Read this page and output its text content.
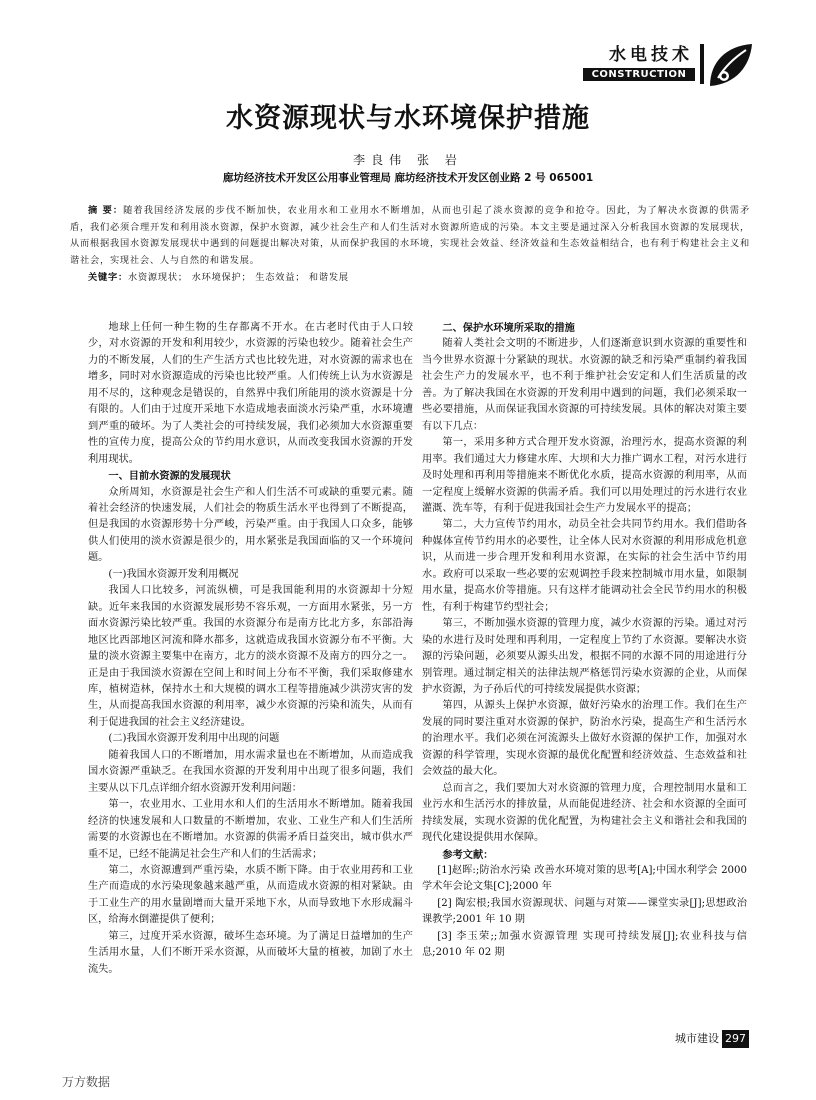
水电技术
CONSTRUCTION
水资源现状与水环境保护措施
李良伟 张 岩
廊坊经济技术开发区公用事业管理局 廊坊经济技术开发区创业路 2 号 065001
摘 要：随着我国经济发展的步伐不断加快，农业用水和工业用水不断增加，从而也引起了淡水资源的竞争和抢夺。因此，为了解决水资源的供需矛盾，我们必须合理开发和利用淡水资源，保护水资源，减少社会生产和人们生活对水资源所造成的污染。本文主要是通过深入分析我国水资源的发展现状，从而根据我国水资源发展现状中遇到的问题提出解决对策，从而保护我国的水环境，实现社会效益、经济效益和生态效益相结合，也有利于构建社会主义和谐社会，实现社会、人与自然的和谐发展。
关键字：水资源现状； 水环境保护； 生态效益； 和谐发展

地球上任何一种生物的生存都离不开水。在古老时代由于人口较少，对水资源的开发和利用较少，水资源的污染也较少。随着社会生产力的不断发展，人们的生产生活方式也比较先进，对水资源的需求也在增多，同时对水资源造成的污染也比较严重。人们传统上认为水资源是用不尽的，这种观念是错误的，自然界中我们所能用的淡水资源是十分有限的。人们由于过度开采地下水造成地表面淡水污染严重，水环境遭到严重的破坏。为了人类社会的可持续发展，我们必须加大水资源重要性的宣传力度，提高公众的节约用水意识，从而改变我国水资源的开发利用现状。

一、目前水资源的发展现状

众所周知，水资源是社会生产和人们生活不可或缺的重要元素。随着社会经济的快速发展，人们社会的物质生活水平也得到了不断提高，但是我国的水资源形势十分严峻，污染严重。由于我国人口众多，能够供人们使用的淡水资源是很少的，用水紧张是我国面临的又一个环境问题。

(一)我国水资源开发利用概况

我国人口比较多，河流纵横，可是我国能利用的水资源却十分短缺。近年来我国的水资源发展形势不容乐观，一方面用水紧张，另一方面水资源污染比较严重。我国的水资源分布是南方比北方多，东部沿海地区比西部地区河流和降水都多，这就造成我国水资源分布不平衡。大量的淡水资源主要集中在南方，北方的淡水资源不及南方的四分之一。正是由于我国淡水资源在空间上和时间上分布不平衡，我们采取修建水库，植树造林，保持水土和大规模的调水工程等措施减少洪涝灾害的发生，从而提高我国水资源的利用率，减少水资源的污染和流失，从而有利于促进我国的社会主义经济建设。

(二)我国水资源开发利用中出现的问题

随着我国人口的不断增加，用水需求量也在不断增加，从而造成我国水资源严重缺乏。在我国水资源的开发利用中出现了很多问题，我们主要从以下几点详细介绍水资源开发利用问题：

第一，农业用水、工业用水和人们的生活用水不断增加。随着我国经济的快速发展和人口数量的不断增加，农业、工业生产和人们生活所需要的水资源也在不断增加。水资源的供需矛盾日益突出，城市供水严重不足，已经不能满足社会生产和人们的生活需求；

第二，水资源遭到严重污染，水质不断下降。由于农业用药和工业生产而造成的水污染现象越来越严重，从而造成水资源的相对紧缺。由于工业生产的用水量剧增而大量开采地下水，从而导致地下水形成漏斗区，给海水倒灌提供了便利；

第三，过度开采水资源，破坏生态环境。为了满足日益增加的生产生活用水量，人们不断开采水资源，从而破坏大量的植被，加剧了水土流失。

二、保护水环境所采取的措施

随着人类社会文明的不断进步，人们逐渐意识到水资源的重要性和当今世界水资源十分紧缺的现状。水资源的缺乏和污染严重制约着我国社会生产力的发展水平，也不利于维护社会安定和人们生活质量的改善。为了解决我国在水资源的开发利用中遇到的问题，我们必须采取一些必要措施，从而保证我国水资源的可持续发展。具体的解决对策主要有以下几点：

第一，采用多种方式合理开发水资源，治理污水，提高水资源的利用率。我们通过大力修建水库、大坝和大力推广调水工程，对污水进行及时处理和再利用等措施来不断优化水质，提高水资源的利用率，从而一定程度上缓解水资源的供需矛盾。我们可以用处理过的污水进行农业灌溉、洗车等，有利于促进我国社会生产力发展水平的提高；

第二，大力宣传节约用水，动员全社会共同节约用水。我们借助各种媒体宣传节约用水的必要性，让全体人民对水资源的利用形成危机意识，从而进一步合理开发和利用水资源，在实际的社会生活中节约用水。政府可以采取一些必要的宏观调控手段来控制城市用水量，如限制用水量，提高水价等措施。只有这样才能调动社会全民节约用水的积极性，有利于构建节约型社会；

第三，不断加强水资源的管理力度，减少水资源的污染。通过对污染的水进行及时处理和再利用，一定程度上节约了水资源。要解决水资源的污染问题，必须要从源头出发，根据不同的水源不同的用途进行分别管理。通过制定相关的法律法规严格惩罚污染水资源的企业，从而保护水资源，为子孙后代的可持续发展提供水资源；

第四，从源头上保护水资源，做好污染水的治理工作。我们在生产发展的同时要注重对水资源的保护，防治水污染，提高生产和生活污水的治理水平。我们必须在河流源头上做好水资源的保护工作，加强对水资源的科学管理，实现水资源的最优化配置和经济效益、生态效益和社会效益的最大化。

总而言之，我们要加大对水资源的管理力度，合理控制用水量和工业污水和生活污水的排放量，从而能促进经济、社会和水资源的全面可持续发展，实现水资源的优化配置，为构建社会主义和谐社会和我国的现代化建设提供用水保障。

参考文献：

[1]赵晖:;防治水污染 改善水环境对策的思考[A];中国水利学会 2000 学术年会论文集[C];2000 年

[2] 陶宏根;我国水资源现状、问题与对策——课堂实录[J];思想政治课教学;2001 年 10 期

[3] 李玉荣;;加强水资源管理 实现可持续发展[J];农业科技与信息;2010 年 02 期

城市建设 297
万方数据
